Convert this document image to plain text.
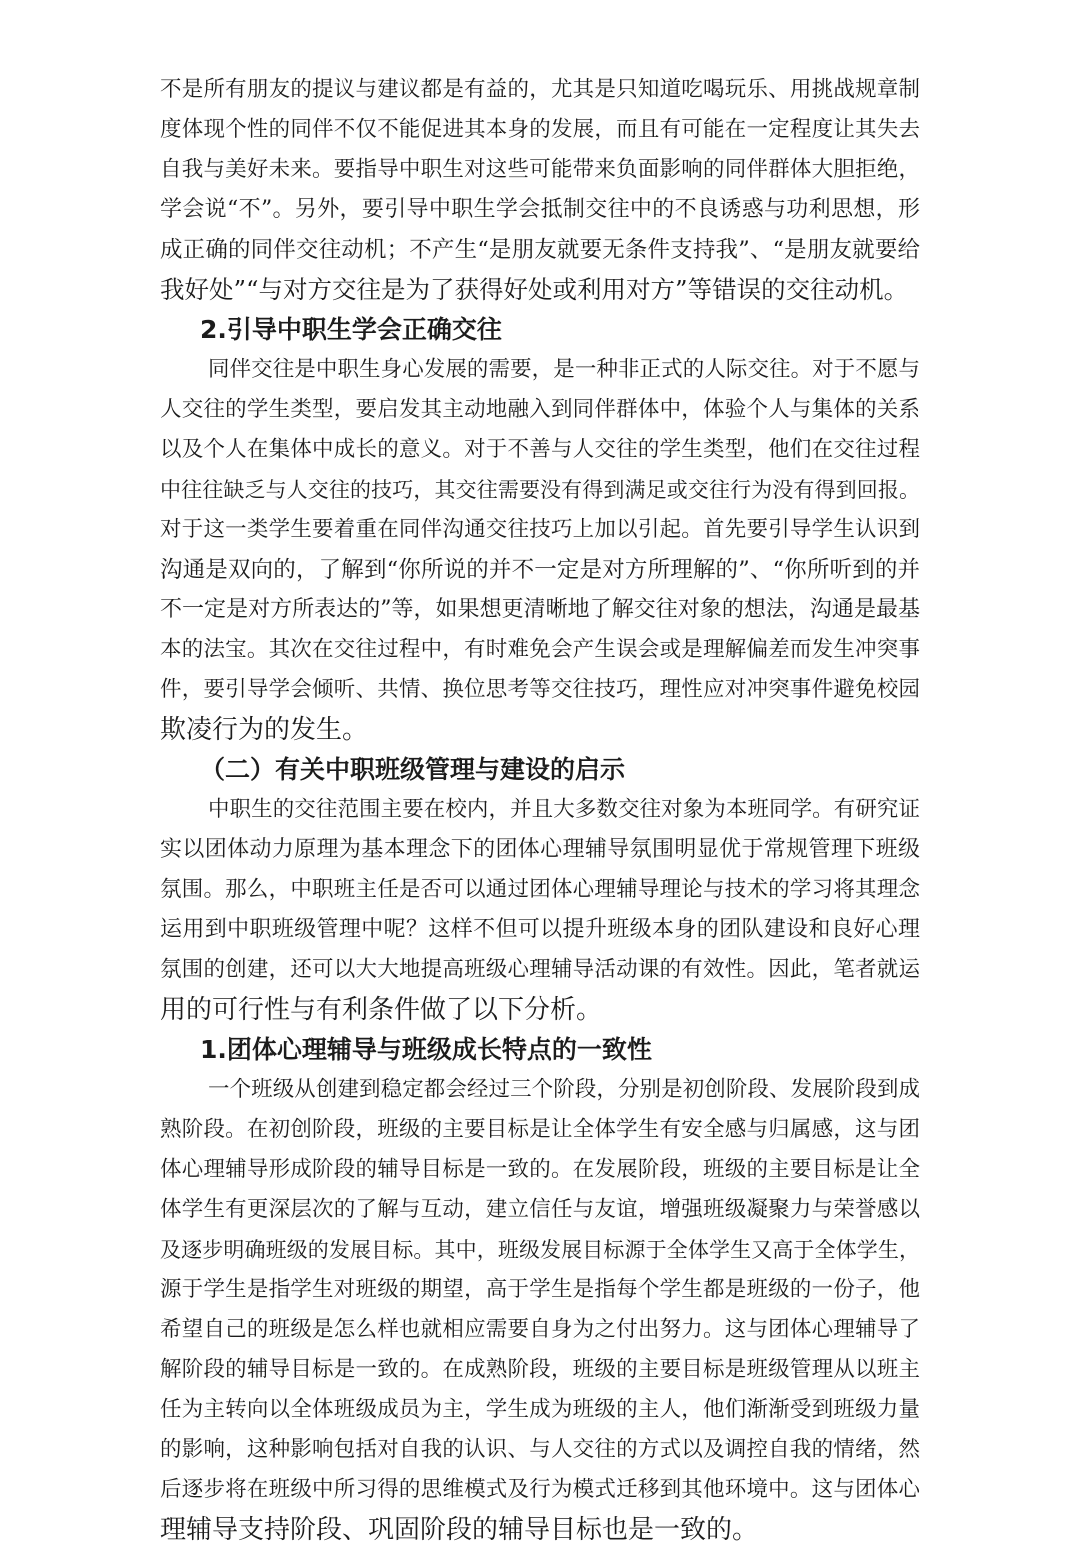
不是所有朋友的提议与建议都是有益的，尤其是只知道吃喝玩乐、用挑战规章制
度体现个性的同伴不仅不能促进其本身的发展，而且有可能在一定程度让其失去
自我与美好未来。要指导中职生对这些可能带来负面影响的同伴群体大胆拒绝，
学会说“不”。另外，要引导中职生学会抵制交往中的不良诱惑与功利思想，形
成正确的同伴交往动机；不产生“是朋友就要无条件支持我”、“是朋友就要给
我好处”“与对方交往是为了获得好处或利用对方”等错误的交往动机。
2.引导中职生学会正确交往
同伴交往是中职生身心发展的需要，是一种非正式的人际交往。对于不愿与
人交往的学生类型，要启发其主动地融入到同伴群体中，体验个人与集体的关系
以及个人在集体中成长的意义。对于不善与人交往的学生类型，他们在交往过程
中往往缺乏与人交往的技巧，其交往需要没有得到满足或交往行为没有得到回报。
对于这一类学生要着重在同伴沟通交往技巧上加以引起。首先要引导学生认识到
沟通是双向的，了解到“你所说的并不一定是对方所理解的”、“你所听到的并
不一定是对方所表达的”等，如果想更清晰地了解交往对象的想法，沟通是最基
本的法宝。其次在交往过程中，有时难免会产生误会或是理解偏差而发生冲突事
件，要引导学会倾听、共情、换位思考等交往技巧，理性应对冲突事件避免校园
欺凌行为的发生。
（二）有关中职班级管理与建设的启示
中职生的交往范围主要在校内，并且大多数交往对象为本班同学。有研究证
实以团体动力原理为基本理念下的团体心理辅导氛围明显优于常规管理下班级
氛围。那么，中职班主任是否可以通过团体心理辅导理论与技术的学习将其理念
运用到中职班级管理中呢？这样不但可以提升班级本身的团队建设和良好心理
氛围的创建，还可以大大地提高班级心理辅导活动课的有效性。因此，笔者就运
用的可行性与有利条件做了以下分析。
1.团体心理辅导与班级成长特点的一致性
一个班级从创建到稳定都会经过三个阶段，分别是初创阶段、发展阶段到成
熟阶段。在初创阶段，班级的主要目标是让全体学生有安全感与归属感，这与团
体心理辅导形成阶段的辅导目标是一致的。在发展阶段，班级的主要目标是让全
体学生有更深层次的了解与互动，建立信任与友谊，增强班级凝聚力与荣誉感以
及逐步明确班级的发展目标。其中，班级发展目标源于全体学生又高于全体学生，
源于学生是指学生对班级的期望，高于学生是指每个学生都是班级的一份子，他
希望自己的班级是怎么样也就相应需要自身为之付出努力。这与团体心理辅导了
解阶段的辅导目标是一致的。在成熟阶段，班级的主要目标是班级管理从以班主
任为主转向以全体班级成员为主，学生成为班级的主人，他们渐渐受到班级力量
的影响，这种影响包括对自我的认识、与人交往的方式以及调控自我的情绪，然
后逐步将在班级中所习得的思维模式及行为模式迁移到其他环境中。这与团体心
理辅导支持阶段、巩固阶段的辅导目标也是一致的。
